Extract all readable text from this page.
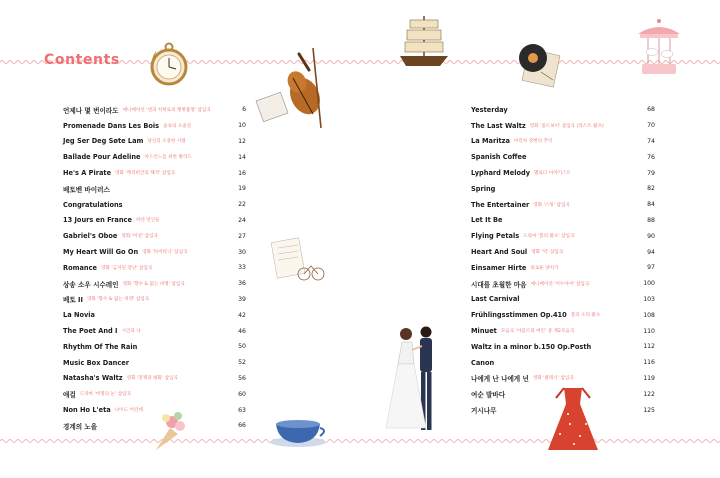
Contents
언제나 몇 번이라도 애니메이션 '센과 치히로의 행방불명' 삽입곡	6
Promenade Dans Les Bois 숲속의 오솔길	10
Jeg Ser Deg Søte Lam 당신의 소중한 사람	12
Ballade Pour Adeline 아드린느를 위한 발라드	14
He's A Pirate 영화 '캐리비안의 해적' 삽입곡	16
베토벤 바이러스	19
Congratulations	22
13 Jours en France 하얀 연인들	24
Gabriel's Oboe 영화 '미션' 삽입곡	27
My Heart Will Go On 영화 '타이타닉' 삽입곡	30
Romance 영화 '금지된 장난' 삽입곡	33
상송 소우 시수레인 영화 '향수 & 없는 비명' 삽입곡	36
베토 II 영화 '향수 & 없는 비명' 삽입곡	39
La Novia	42
The Poet And I 시인과 나	46
Rhythm Of The Rain	50
Music Box Dancer	52
Natasha's Waltz 영화 '전쟁과 평화' 삽입곡	56
애걸 드라마 '여명의 눈' 삽입곡	60
Non Ho L'eta 나이도 어린데	63
경계의 노을	66
Yesterday	68
The Last Waltz 영화 '올드보이' 삽입곡 (라스트 왈츠)	70
La Maritza 마리차 강변의 추억	74
Spanish Coffee	76
Lyphard Melody 멜로디 이야기스트	79
Spring	82
The Entertainer 영화 '스팅' 삽입곡	84
Let It Be	88
Flying Petals 드라마 '봄의 왈츠' 삽입곡	90
Heart And Soul 영화 '빅' 삽입곡	94
Einsamer Hirte 외로운 양치기	97
시대를 초월한 마음 애니메이션 '이누야샤' 삽입곡	100
Last Carnival	103
Frühlingsstimmen Op.410 봄의 소리 왈츠	108
Minuet 모음곡 '아를르의 여인' 중 제2모음곡	110
Waltz in a minor b.150 Op.Posth	112
Canon	116
나에게 난 나에게 넌 영화 '클래식' 삽입곡	119
여순 발바다	122
거시나무	125
